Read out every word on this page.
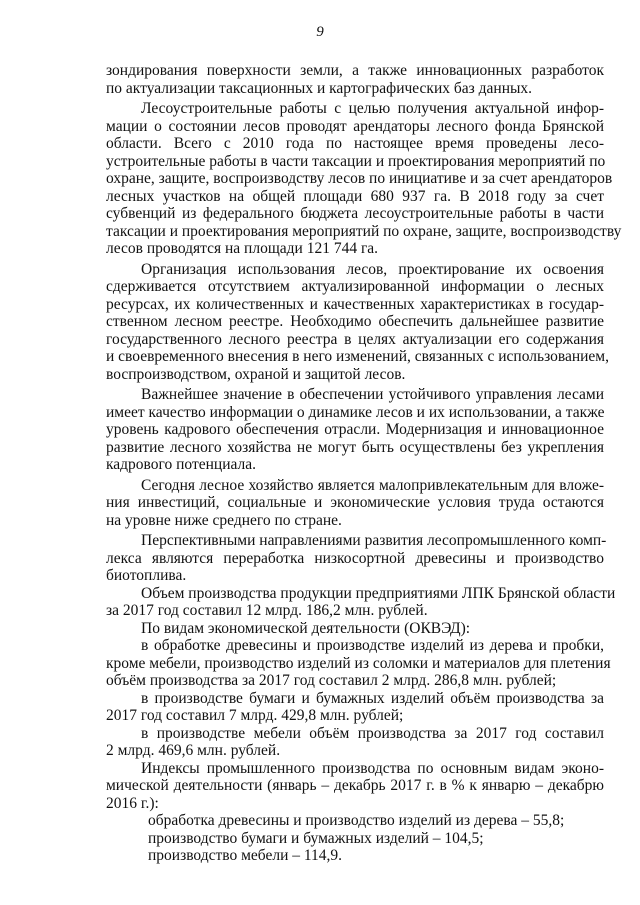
9
зондирования поверхности земли, а также инновационных разработок
по актуализации таксационных и картографических баз данных.
Лесоустроительные работы с целью получения актуальной инфор-
мации о состоянии лесов проводят арендаторы лесного фонда Брянской
области. Всего с 2010 года по настоящее время проведены лесо-
устроительные работы в части таксации и проектирования мероприятий по
охране, защите, воспроизводству лесов по инициативе и за счет арендаторов
лесных участков на общей площади 680 937 га. В 2018 году за счет
субвенций из федерального бюджета лесоустроительные работы в части
таксации и проектирования мероприятий по охране, защите, воспроизводству
лесов проводятся на площади 121 744 га.
Организация использования лесов, проектирование их освоения
сдерживается отсутствием актуализированной информации о лесных
ресурсах, их количественных и качественных характеристиках в государ-
ственном лесном реестре. Необходимо обеспечить дальнейшее развитие
государственного лесного реестра в целях актуализации его содержания
и своевременного внесения в него изменений, связанных с использованием,
воспроизводством, охраной и защитой лесов.
Важнейшее значение в обеспечении устойчивого управления лесами
имеет качество информации о динамике лесов и их использовании, а также
уровень кадрового обеспечения отрасли. Модернизация и инновационное
развитие лесного хозяйства не могут быть осуществлены без укрепления
кадрового потенциала.
Сегодня лесное хозяйство является малопривлекательным для вложе-
ния инвестиций, социальные и экономические условия труда остаются
на уровне ниже среднего по стране.
Перспективными направлениями развития лесопромышленного комп-
лекса являются переработка низкосортной древесины и производство
биотоплива.
Объем производства продукции предприятиями ЛПК Брянской области
за 2017 год составил 12 млрд. 186,2 млн. рублей.
По видам экономической деятельности (ОКВЭД):
в обработке древесины и производстве изделий из дерева и пробки,
кроме мебели, производство изделий из соломки и материалов для плетения
объём производства за 2017 год составил 2 млрд. 286,8 млн. рублей;
в производстве бумаги и бумажных изделий объём производства за
2017 год составил 7 млрд. 429,8 млн. рублей;
в производстве мебели объём производства за 2017 год составил
2 млрд. 469,6 млн. рублей.
Индексы промышленного производства по основным видам эконо-
мической деятельности (январь – декабрь 2017 г. в % к январю – декабрю
2016 г.):
обработка древесины и производство изделий из дерева – 55,8;
производство бумаги и бумажных изделий – 104,5;
производство мебели – 114,9.
